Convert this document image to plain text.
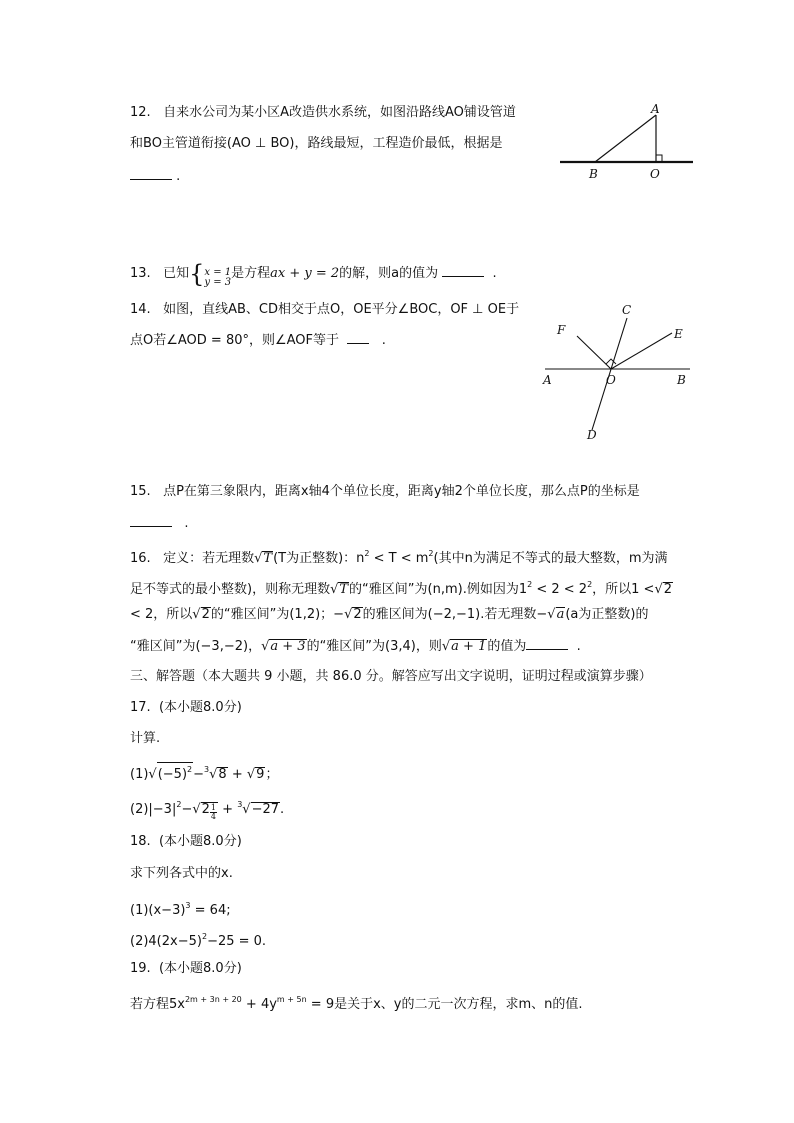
12. 自来水公司为某小区A改造供水系统，如图沿路线AO铺设管道
和BO主管道衔接(AO ⊥ BO)，路线最短，工程造价最低，根据是
.
A
B	O
13. 已知{ x = 1
y = 3
是方程ax + y = 2的解，则a的值为	.
14. 如图，直线AB、CD相交于点O，OE平分∠BOC，OF ⊥ OE于
点O若∠AOD = 80°，则∠AOF等于	.
C
E
F
A	O	B
D
15. 点P在第三象限内，距离x轴4个单位长度，距离y轴2个单位长度，那么点P的坐标是
.
16. 定义：若无理数√T(T为正整数)：$n^2 < T < m^2$(其中n为满足不等式的最大整数，m为满
足不等式的最小整数)，则称无理数√T的“雅区间”为(n,m).例如因为$1^2 < 2 < 2^2$，所以1 <√2
< 2，所以√2的“雅区间”为(1,2)；−√2的雅区间为(−2,−1).若无理数−√a(a为正整数)的
“雅区间”为(−3,−2)，√a + 3的“雅区间”为(3,4)，则√a + 1的值为	.
三、解答题（本大题共 9 小题，共 86.0 分。解答应写出文字说明，证明过程或演算步骤）
17. (本小题8.0分)
计算.
$(1)√(-5)^2-^3√8 + √9$；
$(2)|-3|^2-√2 \frac{1}{4} + ^3√-27$.
18. (本小题8.0分)
求下列各式中的x.
$(1)(x-3)^3 = 64$;
$(2)4(2x-5)^2-25 = 0$.
19. (本小题8.0分)
若方程$5x^{2m + 3n + 20} + 4y^{m + 5n} = 9$是关于x、y的二元一次方程，求m、n的值.
